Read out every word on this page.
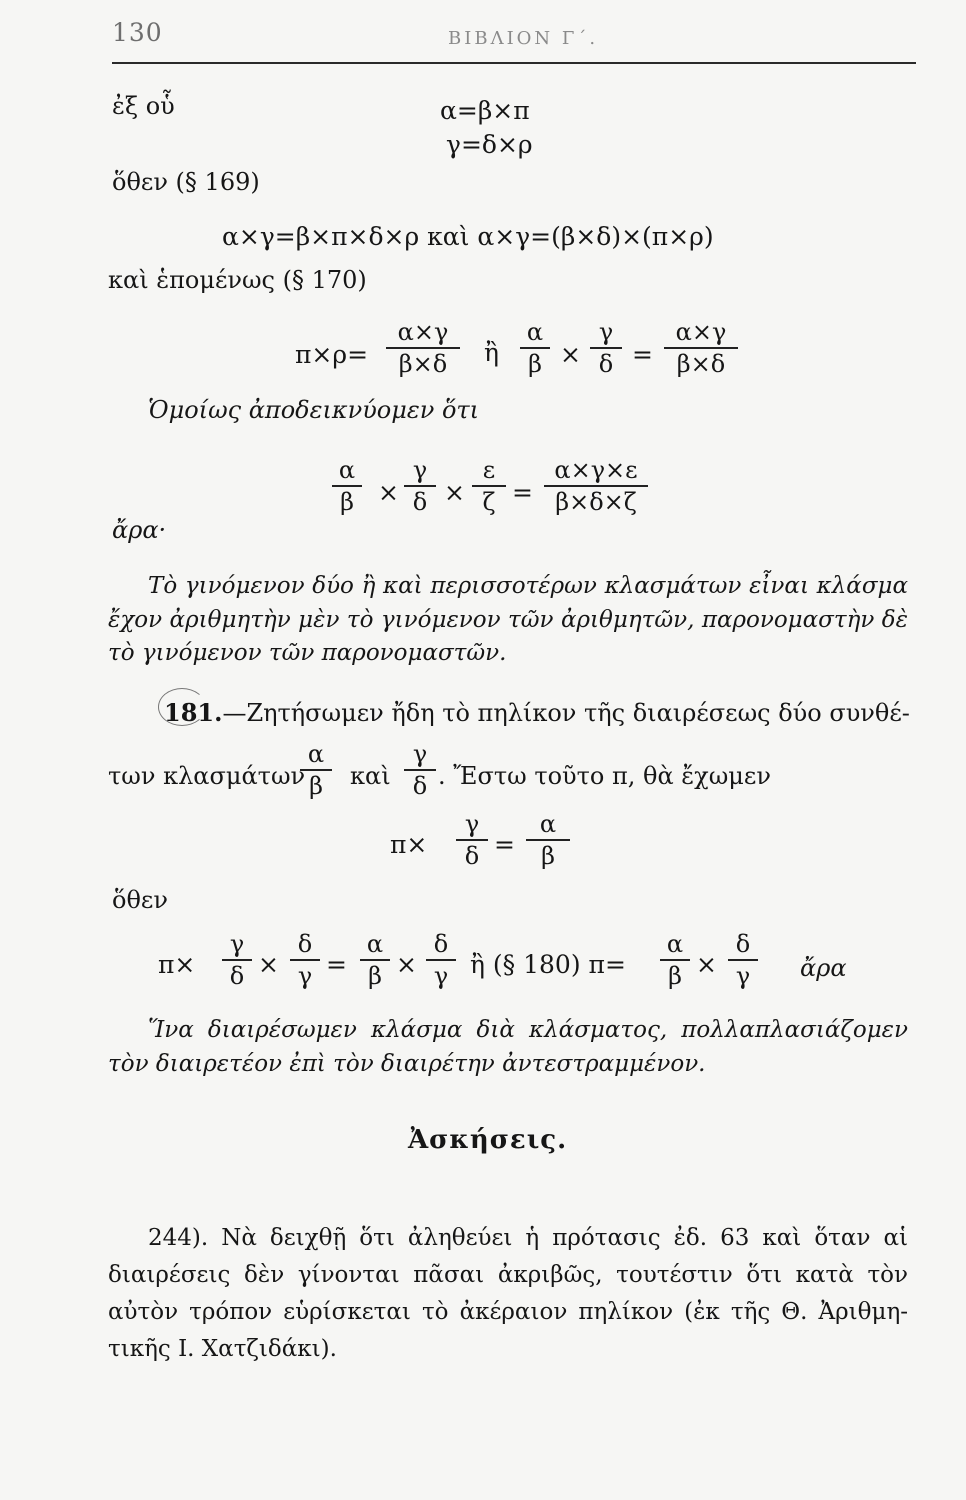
130	ΒΙΒΛΙΟΝ Γ΄.
ἐξ οὗ	α=β×π
γ=δ×ρ
ὅθεν (§ 169)
α×γ=β×π×δ×ρ καὶ α×γ=(β×δ)×(π×ρ)
καὶ ἑπομένως (§ 170)
$\pi\times\rho= \frac{\alpha\times\gamma}{\beta\times\delta}$ ἢ $\frac{\alpha}{\beta} \times \frac{\gamma}{\delta} = \frac{\alpha\times\gamma}{\beta\times\delta}$
Ὁμοίως ἀποδεικνύομεν ὅτι
$\frac{\alpha}{\beta} \times \frac{\gamma}{\delta} \times \frac{\varepsilon}{\zeta} = \frac{\alpha\times\gamma\times\varepsilon}{\beta\times\delta\times\zeta}$
ἄρα·
Τὸ γινόμενον δύο ἢ καὶ περισσοτέρων κλασμάτων εἶναι κλάσμα ἔχον ἀριθμητὴν μὲν τὸ γινόμενον τῶν ἀριθμητῶν, παρονομαστὴν δὲ τὸ γινόμενον τῶν παρονομαστῶν.
181.—Ζητήσωμεν ἤδη τὸ πηλίκον τῆς διαιρέσεως δύο συνθέ-
των κλασμάτων
$\frac{\alpha}{\beta}$ καὶ $\frac{\gamma}{\delta}$ . Ἔστω τοῦτο π, θὰ ἔχωμεν
$\pi\times \frac{\gamma}{\delta} = \frac{\alpha}{\beta}$
ὅθεν
$\pi\times \frac{\gamma}{\delta} \times \frac{\delta}{\gamma} = \frac{\alpha}{\beta} \times \frac{\delta}{\gamma}$ ἢ (§ 180) $\pi= \frac{\alpha}{\beta} \times \frac{\delta}{\gamma}$ ἄρα
Ἵνα διαιρέσωμεν κλάσμα διὰ κλάσματος, πολλαπλασιάζομεν τὸν διαιρετέον ἐπὶ τὸν διαιρέτην ἀντεστραμμένον.
Ἀσκήσεις.
244). Νὰ δειχθῇ ὅτι ἀληθεύει ἡ πρότασις ἐδ. 63 καὶ ὅταν αἱ διαιρέσεις δὲν γίνονται πᾶσαι ἀκριβῶς, τουτέστιν ὅτι κατὰ τὸν αὐτὸν τρόπον εὑρίσκεται τὸ ἀκέραιον πηλίκον (ἐκ τῆς Θ. Ἀριθμη-τικῆς Ι. Χατζιδάκι).
